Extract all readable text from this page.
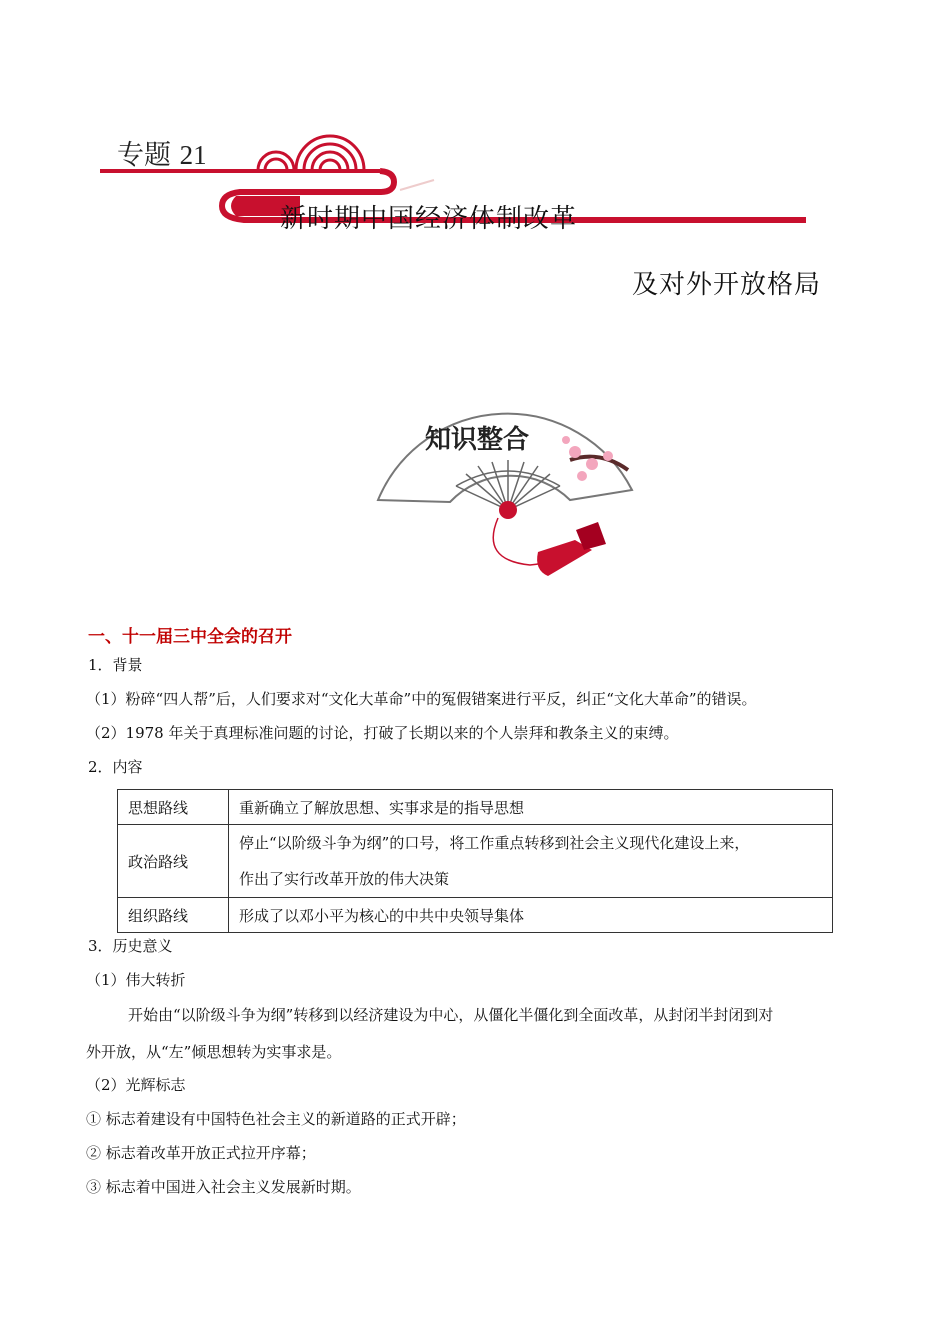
专题 21
新时期中国经济体制改革
及对外开放格局
知识整合
一、十一届三中全会的召开
1．背景
（1）粉碎“四人帮”后，人们要求对“文化大革命”中的冤假错案进行平反，纠正“文化大革命”的错误。
（2）1978 年关于真理标准问题的讨论，打破了长期以来的个人崇拜和教条主义的束缚。
2．内容
思想路线	重新确立了解放思想、实事求是的指导思想
政治路线	停止“以阶级斗争为纲”的口号，将工作重点转移到社会主义现代化建设上来，
作出了实行改革开放的伟大决策

组织路线	形成了以邓小平为核心的中共中央领导集体
3．历史意义
（1）伟大转折
开始由“以阶级斗争为纲”转移到以经济建设为中心，从僵化半僵化到全面改革，从封闭半封闭到对
外开放，从“左”倾思想转为实事求是。
（2）光辉标志
① 标志着建设有中国特色社会主义的新道路的正式开辟；
② 标志着改革开放正式拉开序幕；
③ 标志着中国进入社会主义发展新时期。
